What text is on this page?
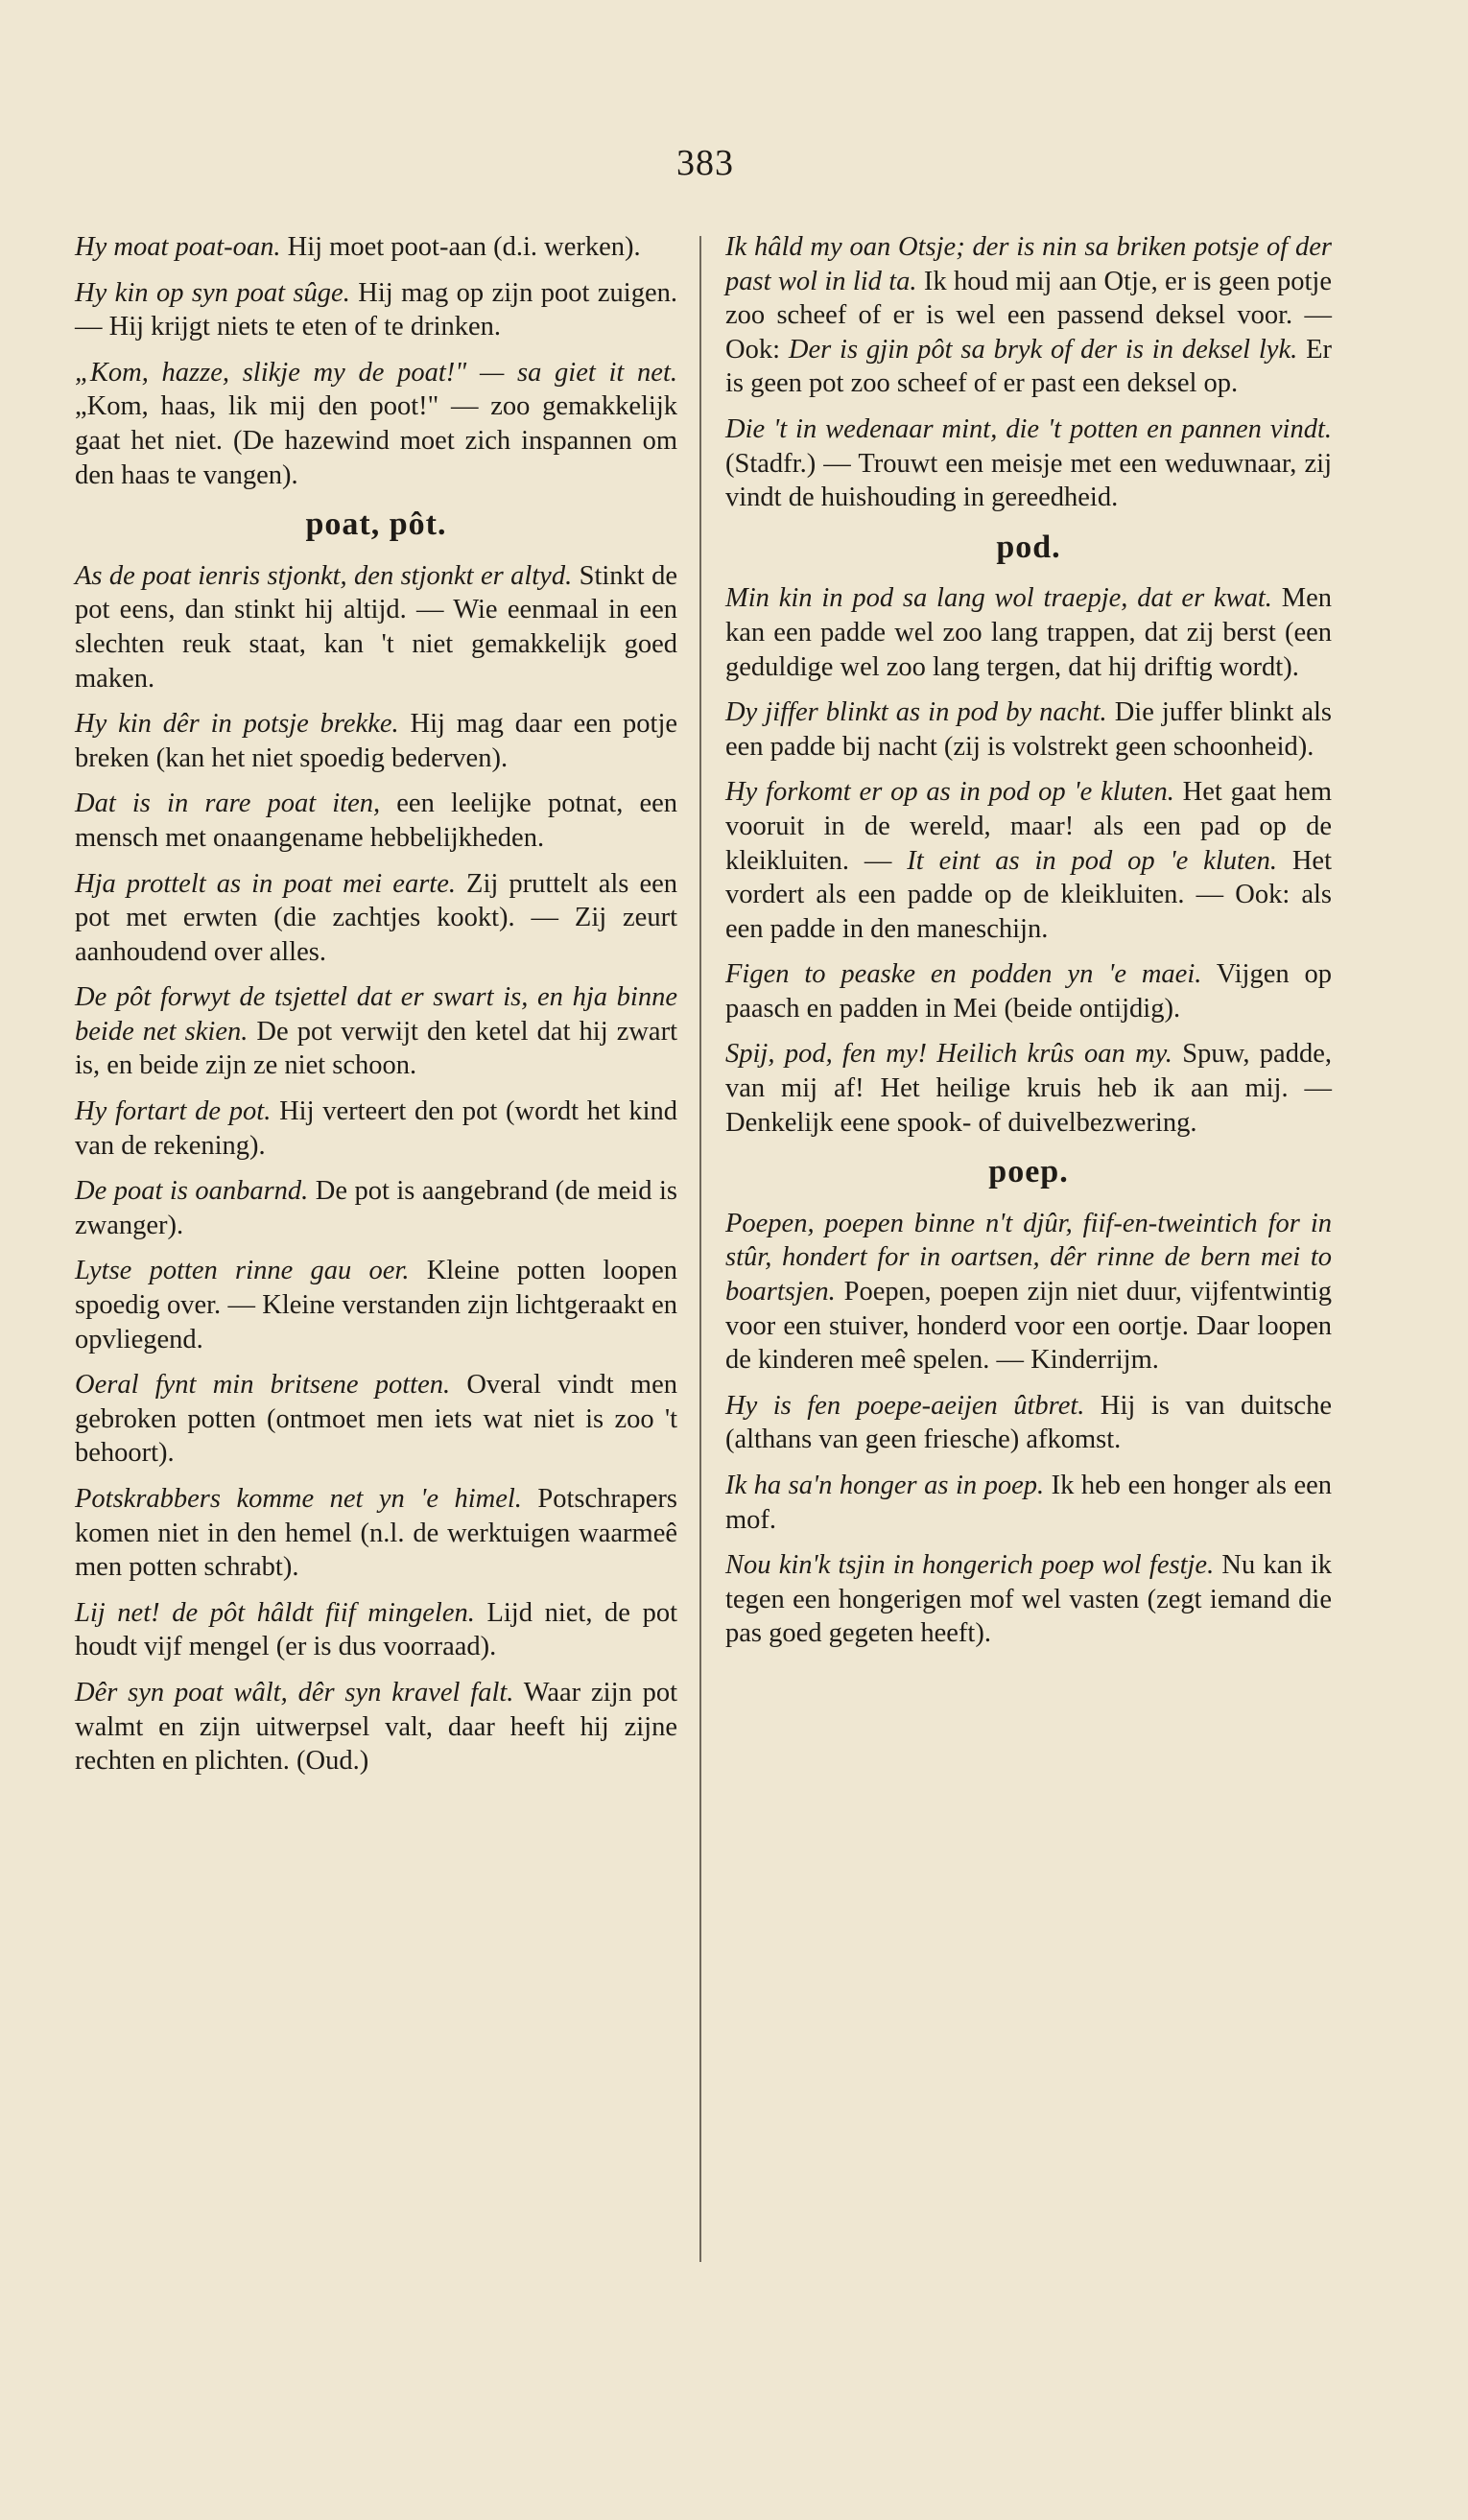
383
Hy moat poat-oan. Hij moet poot-aan (d.i. werken).
Hy kin op syn poat sûge. Hij mag op zijn poot zuigen. — Hij krijgt niets te eten of te drinken.
„Kom, hazze, slikje my de poat!" — sa giet it net. „Kom, haas, lik mij den poot!" — zoo gemakkelijk gaat het niet. (De hazewind moet zich inspannen om den haas te vangen).
poat, pôt.
As de poat ienris stjonkt, den stjonkt er altyd. Stinkt de pot eens, dan stinkt hij altijd. — Wie eenmaal in een slechten reuk staat, kan 't niet gemakkelijk goed maken.
Hy kin dêr in potsje brekke. Hij mag daar een potje breken (kan het niet spoedig bederven).
Dat is in rare poat iten, een leelijke potnat, een mensch met onaangename hebbelijkheden.
Hja prottelt as in poat mei earte. Zij pruttelt als een pot met erwten (die zachtjes kookt). — Zij zeurt aanhoudend over alles.
De pôt forwyt de tsjettel dat er swart is, en hja binne beide net skien. De pot verwijt den ketel dat hij zwart is, en beide zijn ze niet schoon.
Hy fortart de pot. Hij verteert den pot (wordt het kind van de rekening).
De poat is oanbarnd. De pot is aangebrand (de meid is zwanger).
Lytse potten rinne gau oer. Kleine potten loopen spoedig over. — Kleine verstanden zijn lichtgeraakt en opvliegend.
Oeral fynt min britsene potten. Overal vindt men gebroken potten (ontmoet men iets wat niet is zoo 't behoort).
Potskrabbers komme net yn 'e himel. Potschrapers komen niet in den hemel (n.l. de werktuigen waarmeê men potten schrabt).
Lij net! de pôt hâldt fiif mingelen. Lijd niet, de pot houdt vijf mengel (er is dus voorraad).
Dêr syn poat wâlt, dêr syn kravel falt. Waar zijn pot walmt en zijn uitwerpsel valt, daar heeft hij zijne rechten en plichten. (Oud.)
Ik hâld my oan Otsje; der is nin sa briken potsje of der past wol in lid ta. Ik houd mij aan Otje, er is geen potje zoo scheef of er is wel een passend deksel voor. — Ook: Der is gjin pôt sa bryk of der is in deksel lyk. Er is geen pot zoo scheef of er past een deksel op.
Die 't in wedenaar mint, die 't potten en pannen vindt. (Stadfr.) — Trouwt een meisje met een weduwnaar, zij vindt de huishouding in gereedheid.
pod.
Min kin in pod sa lang wol traepje, dat er kwat. Men kan een padde wel zoo lang trappen, dat zij berst (een geduldige wel zoo lang tergen, dat hij driftig wordt).
Dy jiffer blinkt as in pod by nacht. Die juffer blinkt als een padde bij nacht (zij is volstrekt geen schoonheid).
Hy forkomt er op as in pod op 'e kluten. Het gaat hem vooruit in de wereld, maar! als een pad op de kleikluiten. — It eint as in pod op 'e kluten. Het vordert als een padde op de kleikluiten. — Ook: als een padde in den maneschijn.
Figen to peaske en podden yn 'e maei. Vijgen op paasch en padden in Mei (beide ontijdig).
Spij, pod, fen my! Heilich krûs oan my. Spuw, padde, van mij af! Het heilige kruis heb ik aan mij. — Denkelijk eene spook- of duivelbezwering.
poep.
Poepen, poepen binne n't djûr, fiif-en-tweintich for in stûr, hondert for in oartsen, dêr rinne de bern mei to boartsjen. Poepen, poepen zijn niet duur, vijfentwintig voor een stuiver, honderd voor een oortje. Daar loopen de kinderen meê spelen. — Kinderrijm.
Hy is fen poepe-aeijen ûtbret. Hij is van duitsche (althans van geen friesche) afkomst.
Ik ha sa'n honger as in poep. Ik heb een honger als een mof.
Nou kin'k tsjin in hongerich poep wol festje. Nu kan ik tegen een hongerigen mof wel vasten (zegt iemand die pas goed gegeten heeft).
